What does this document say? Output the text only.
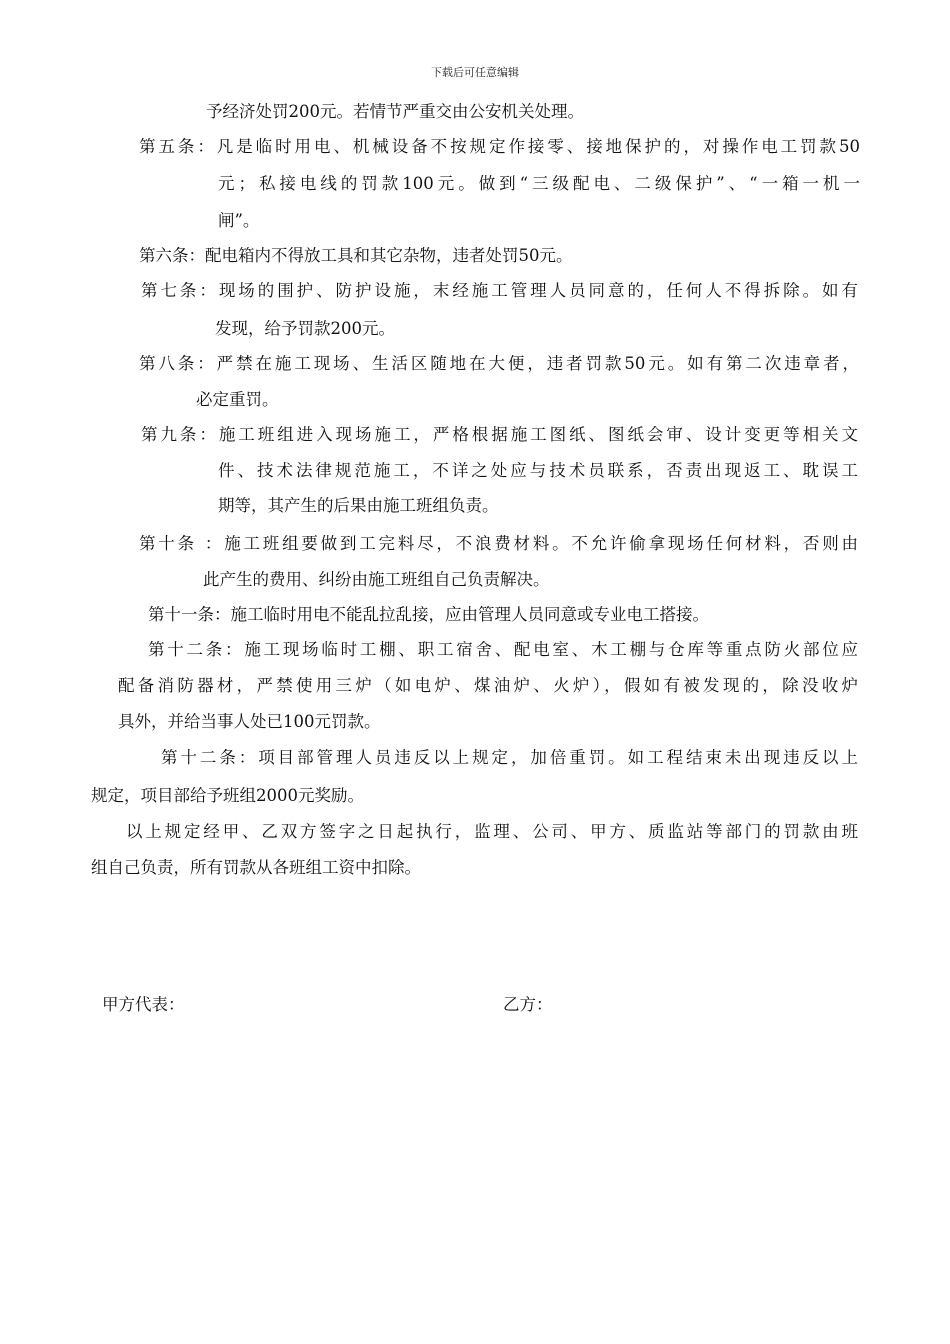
下载后可任意编辑
予经济处罚200元。若情节严重交由公安机关处理。
第五条：凡是临时用电、机械设备不按规定作接零、接地保护的，对操作电工罚款50
元；私接电线的罚款100元。做到“三级配电、二级保护”、“一箱一机一
闸”。
第六条：配电箱内不得放工具和其它杂物，违者处罚50元。
第七条：现场的围护、防护设施，末经施工管理人员同意的，任何人不得拆除。如有
发现，给予罚款200元。
第八条：严禁在施工现场、生活区随地在大便，违者罚款50元。如有第二次违章者，
必定重罚。
第九条：施工班组进入现场施工，严格根据施工图纸、图纸会审、设计变更等相关文
件、技术法律规范施工，不详之处应与技术员联系，否责出现返工、耽误工
期等，其产生的后果由施工班组负责。
第十条 ：施工班组要做到工完料尽，不浪费材料。不允许偷拿现场任何材料，否则由
此产生的费用、纠纷由施工班组自己负责解决。
第十一条：施工临时用电不能乱拉乱接，应由管理人员同意或专业电工搭接。
第十二条：施工现场临时工棚、职工宿舍、配电室、木工棚与仓库等重点防火部位应
配备消防器材，严禁使用三炉（如电炉、煤油炉、火炉），假如有被发现的，除没收炉
具外，并给当事人处已100元罚款。
第十二条：项目部管理人员违反以上规定，加倍重罚。如工程结束未出现违反以上
规定，项目部给予班组2000元奖励。
以上规定经甲、乙双方签字之日起执行，监理、公司、甲方、质监站等部门的罚款由班
组自己负责，所有罚款从各班组工资中扣除。
甲方代表：	乙方：
